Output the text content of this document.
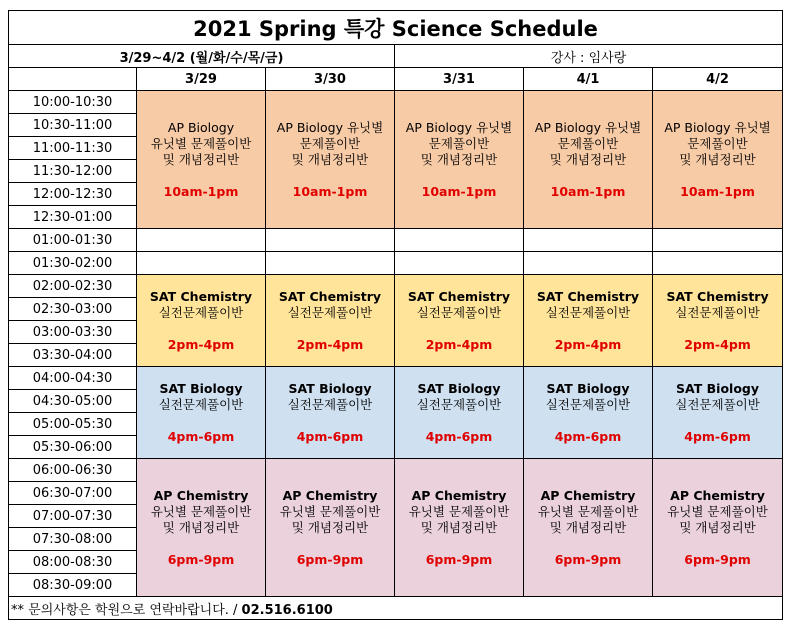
2021 Spring 특강 Science Schedule					
3/29~4/2 (월/화/수/목/금)			강사 : 임사랑		
	3/29	3/30	3/31	4/1	4/2
10:00-10:30	AP Biology
유닛별 문제풀이반
및 개념정리반
10am-1pm	AP Biology 유닛별
문제풀이반
및 개념정리반
10am-1pm	AP Biology 유닛별
문제풀이반
및 개념정리반
10am-1pm	AP Biology 유닛별
문제풀이반
및 개념정리반
10am-1pm	AP Biology 유닛별
문제풀이반
및 개념정리반
10am-1pm

10:30-11:00					
11:00-11:30					
11:30-12:00					
12:00-12:30					
12:30-01:00					
01:00-01:30					
01:30-02:00					
02:00-02:30	SAT Chemistry
실전문제풀이반
2pm-4pm	SAT Chemistry
실전문제풀이반
2pm-4pm	SAT Chemistry
실전문제풀이반
2pm-4pm	SAT Chemistry
실전문제풀이반
2pm-4pm	SAT Chemistry
실전문제풀이반
2pm-4pm

02:30-03:00					
03:00-03:30					
03:30-04:00					
04:00-04:30	SAT Biology
실전문제풀이반
4pm-6pm	SAT Biology
실전문제풀이반
4pm-6pm	SAT Biology
실전문제풀이반
4pm-6pm	SAT Biology
실전문제풀이반
4pm-6pm	SAT Biology
실전문제풀이반
4pm-6pm

04:30-05:00					
05:00-05:30					
05:30-06:00					
06:00-06:30	AP Chemistry
유닛별 문제풀이반
및 개념정리반
6pm-9pm	AP Chemistry
유닛별 문제풀이반
및 개념정리반
6pm-9pm	AP Chemistry
유닛별 문제풀이반
및 개념정리반
6pm-9pm	AP Chemistry
유닛별 문제풀이반
및 개념정리반
6pm-9pm	AP Chemistry
유닛별 문제풀이반
및 개념정리반
6pm-9pm

06:30-07:00					
07:00-07:30					
07:30-08:00					
08:00-08:30					
08:30-09:00					
** 문의사항은 학원으로 연락바랍니다. / 02.516.6100					
